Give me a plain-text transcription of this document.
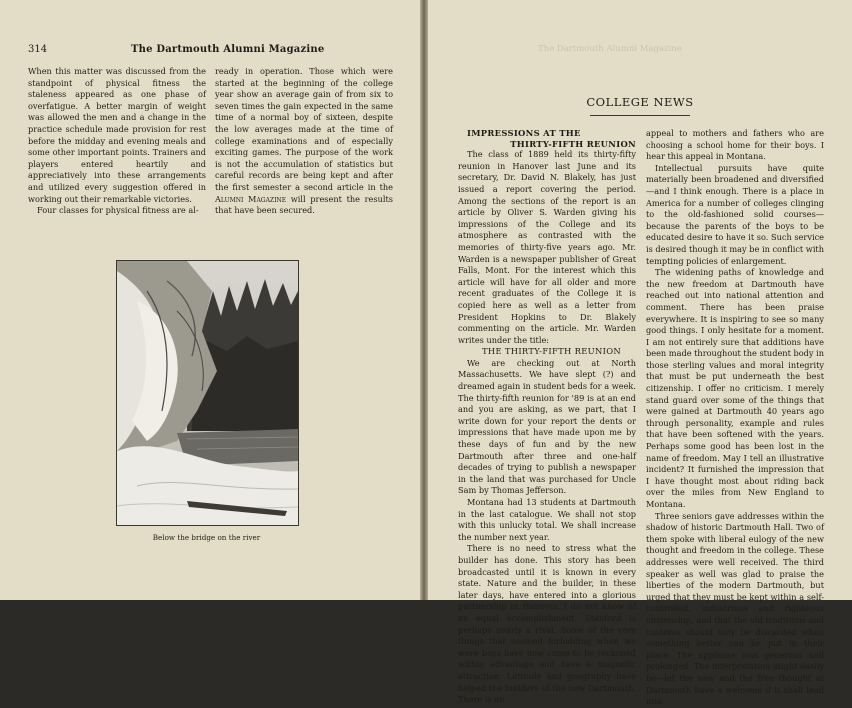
314	The Dartmouth Alumni Magazine

When this matter was discussed from the standpoint of physical fitness the staleness appeared as one phase of overfatigue. A better margin of weight was allowed the men and a change in the practice schedule made provision for rest before the midday and evening meals and some other important points. Trainers and players entered heartily and appreciatively into these arrangements and utilized every suggestion offered in working out their remarkable victories.

Four classes for physical fitness are al-

ready in operation. Those which were started at the beginning of the college year show an average gain of from six to seven times the gain expected in the same time of a normal boy of sixteen, despite the low averages made at the time of college examinations and of especially exciting games. The purpose of the work is not the accumulation of statistics but careful records are being kept and after the first semester a second article in the Alumni Magazine will present the results that have been secured.

Below the bridge on the river
The Dartmouth Alumni Magazine
COLLEGE NEWS

IMPRESSIONS AT THE

THIRTY-FIFTH REUNION

The class of 1889 held its thirty-fifty reunion in Hanover last June and its secretary, Dr. David N. Blakely, has just issued a report covering the period. Among the sections of the report is an article by Oliver S. Warden giving his impressions of the College and its atmosphere as contrasted with the memories of thirty-five years ago. Mr. Warden is a newspaper publisher of Great Falls, Mont. For the interest which this article will have for all older and more recent graduates of the College it is copied here as well as a letter from President Hopkins to Dr. Blakely commenting on the article. Mr. Warden writes under the title:

THE THIRTY-FIFTH REUNION

We are checking out at North Massachusetts. We have slept (?) and dreamed again in student beds for a week. The thirty-fifth reunion for '89 is at an end and you are asking, as we part, that I write down for your report the dents or impressions that have made upon me by these days of fun and by the new Dartmouth after three and one-half decades of trying to publish a newspaper in the land that was purchased for Uncle Sam by Thomas Jefferson.

Montana had 13 students at Dartmouth in the last catalogue. We shall not stop with this unlucky total. We shall increase the number next year.

There is no need to stress what the builder has done. This story has been broadcasted until it is known in every state. Nature and the builder, in these later days, have entered into a glorious partnership at Hanover. I do not know of an equal accomplishment. Stanford is perhaps nearly a rival. Some of the very things that seemed forbidding when we were boys have now come to be reckoned within advantage and have a magnetic attraction. Latitude and geography have helped the builders of the new Dartmouth. There is an

appeal to mothers and fathers who are choosing a school home for their boys. I hear this appeal in Montana.

Intellectual pursuits have quite materially been broadened and diversified—and I think enough. There is a place in America for a number of colleges clinging to the old-fashioned solid courses—because the parents of the boys to be educated desire to have it so. Such service is desired though it may be in conflict with tempting policies of enlargement.

The widening paths of knowledge and the new freedom at Dartmouth have reached out into national attention and comment. There has been praise everywhere. It is inspiring to see so many good things. I only hesitate for a moment. I am not entirely sure that additions have been made throughout the student body in those sterling values and moral integrity that must be put underneath the best citizenship. I offer no criticism. I merely stand guard over some of the things that were gained at Dartmouth 40 years ago through personality, example and rules that have been softened with the years. Perhaps some good has been lost in the name of freedom. May I tell an illustrative incident? It furnished the impression that I have thought most about riding back over the miles from New England to Montana.

Three seniors gave addresses within the shadow of historic Dartmouth Hall. Two of them spoke with liberal eulogy of the new thought and freedom in the college. These addresses were well received. The third speaker as well was glad to praise the liberties of the modern Dartmouth, but urged that they must be kept within a self-controlled, industrious and righteous citizenship, and that the old traditions and customs should only be discarded when something better can be put in their place. The applause was generous and prolonged. The interpretation might easily be—let the new and the free thought at Dartmouth have a welcome if it shall lead into
